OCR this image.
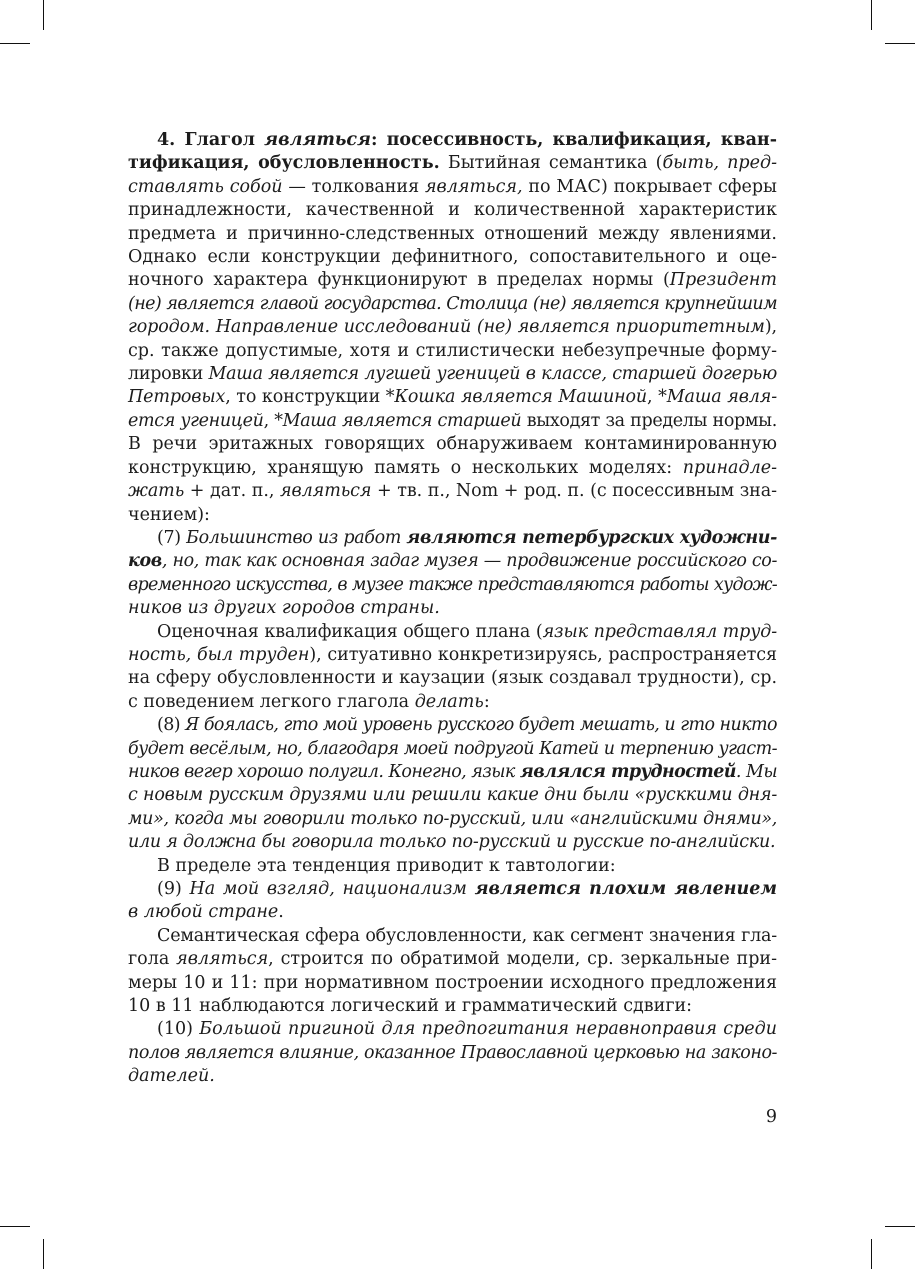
4. Глагол являться: посессивность, квалификация, кван-
тификация, обусловленность. Бытийная семантика (быть, пред-
ставлять собой — толкования являться, по МАС) покрывает сферы
принадлежности, качественной и количественной характеристик
предмета и причинно-следственных отношений между явлениями.
Однако если конструкции дефинитного, сопоставительного и оце-
ночного характера функционируют в пределах нормы (Президент
(не) является главой государства. Столица (не) является крупнейшим
городом. Направление исследований (не) является приоритетным),
ср. также допустимые, хотя и стилистически небезупречные форму-
лировки Маша является лугшей угеницей в классе, старшей догерью
Петровых, то конструкции *Кошка является Машиной, *Маша явля-
ется угеницей, *Маша является старшей выходят за пределы нормы.
В речи эритажных говорящих обнаруживаем контаминированную
конструкцию, хранящую память о нескольких моделях: принадле-
жать + дат. п., являться + тв. п., Nom + род. п. (с посессивным зна-
чением):
(7) Большинство из работ являются петербургских художни-
ков, но, так как основная задаг музея — продвижение российского со-
временного искусства, в музее также представляются работы худож-
ников из других городов страны.
Оценочная квалификация общего плана (язык представлял труд-
ность, был труден), ситуативно конкретизируясь, распространяется
на сферу обусловленности и каузации (язык создавал трудности), ср.
с поведением легкого глагола делать:
(8) Я боялась, гто мой уровень русского будет мешать, и гто никто
будет весёлым, но, благодаря моей подругой Катей и терпению угаст-
ников вегер хорошо полугил. Конегно, язык являлся трудностей. Мы
с новым русским друзями или решили какие дни были «русккими дня-
ми», когда мы говорили только по-русский, или «английскими днями»,
или я должна бы говорила только по-русский и русские по-английски.
В пределе эта тенденция приводит к тавтологии:
(9) На мой взгляд, национализм является плохим явлением
в любой стране.
Семантическая сфера обусловленности, как сегмент значения гла-
гола являться, строится по обратимой модели, ср. зеркальные при-
меры 10 и 11: при нормативном построении исходного предложения
10 в 11 наблюдаются логический и грамматический сдвиги:
(10) Большой пригиной для предпогитания неравноправия среди
полов является влияние, оказанное Православной церковью на законо-
дателей.
9
